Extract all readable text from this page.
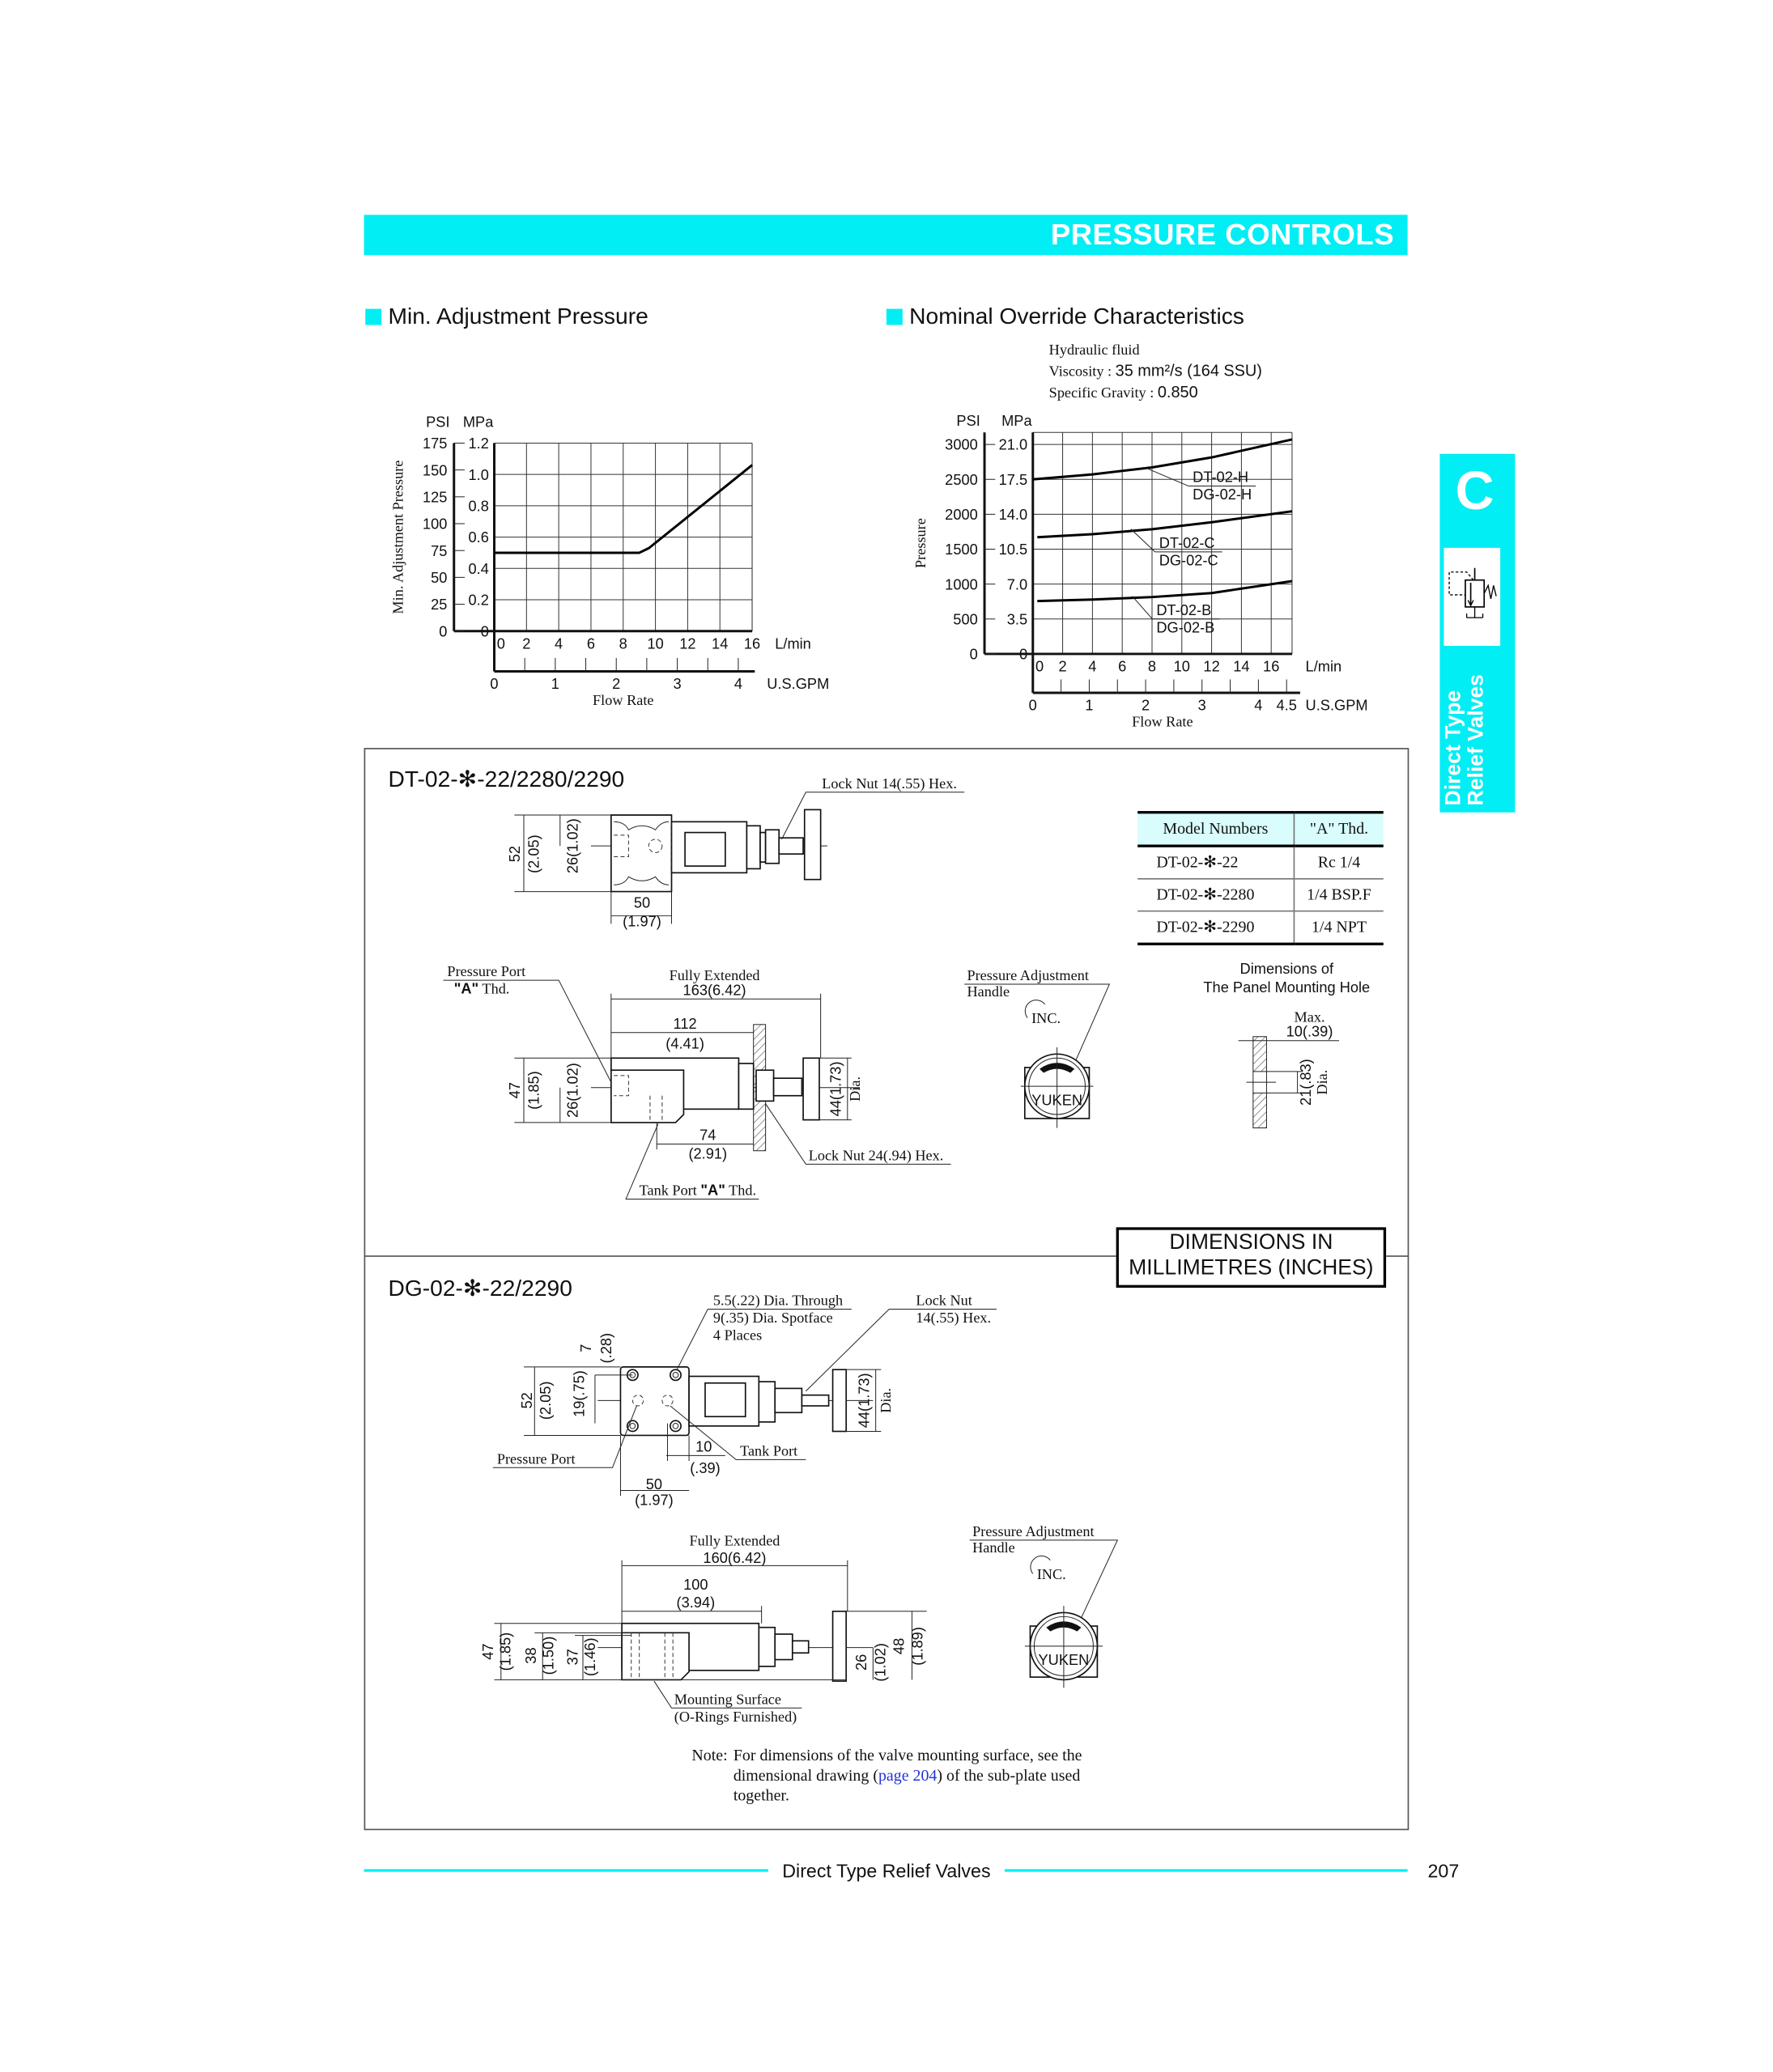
PRESSURE CONTROLS
C
Direct Type Relief Valves
Min. Adjustment Pressure	Nominal Override Characteristics
DT-02-✻-22/2280/2290
DG-02-✻-22/2290
Model Numbers	"A" Thd.
DT-02-✻-22	Rc 1/4
DT-02-✻-2280	1/4 BSP.F
DT-02-✻-2290	1/4 NPT
Hydraulic fluid
Viscosity : 35 mm²/s (164 SSU)
Specific Gravity : 0.850
0
0.2
0.4
0.6
0.8
1.0
1.2
0
25
50
75
100
125
150
175
PSI MPa
0 2	4	6	8 10 12 14 16 L/min
0	1	2	3	4	U.S.GPM
Flow Rate
Min. Adjustment Pressure
0
3.5
7.0
10.5
14.0
17.5
21.0
0
500
1000
1500
2000
2500
3000
PSI MPa
0 2 4 6 8 10 12 14 16	L/min
0	1	2	3	4 4.5 U.S.GPM
Flow Rate
Pressure
DT-02-H
DG-02-H
DT-02-C
DG-02-C
DT-02-B
DG-02-B
52 (2.05) 26(1.02)
50
(1.97)
Lock Nut 14(.55) Hex.
Fully Extended
163(6.42)
112
(4.41)
47 (1.85) 26(1.02)	44(1.73) Dia.
74
(2.91)	Lock Nut 24(.94) Hex.
Tank Port "A" Thd.
Pressure Port
"A" Thd.
Pressure Adjustment
Handle
INC.
YUKEN
Dimensions of
The Panel Mounting Hole
Max.
10(.39)
21(.83) Dia.
5.5(.22) Dia. Through
9(.35) Dia. Spotface
4 Places
Lock Nut
14(.55) Hex.
52 (2.05) 19(.75)
7 (.28)
44(1.73) Dia.
Pressure Port	Tank Port
10
(.39)
50
(1.97)
Fully Extended
160(6.42)
100
(3.94)
47 (1.85) 38 (1.50) 37 (1.46)	26 (1.02) 48 (1.89)
Mounting Surface
(O-Rings Furnished)
Pressure Adjustment
Handle
INC.
YUKEN
DIMENSIONS IN
MILLIMETRES (INCHES)
Note: For dimensions of the valve mounting surface, see the dimensional drawing (page 204) of the sub-plate used together.
Direct Type Relief Valves	207
